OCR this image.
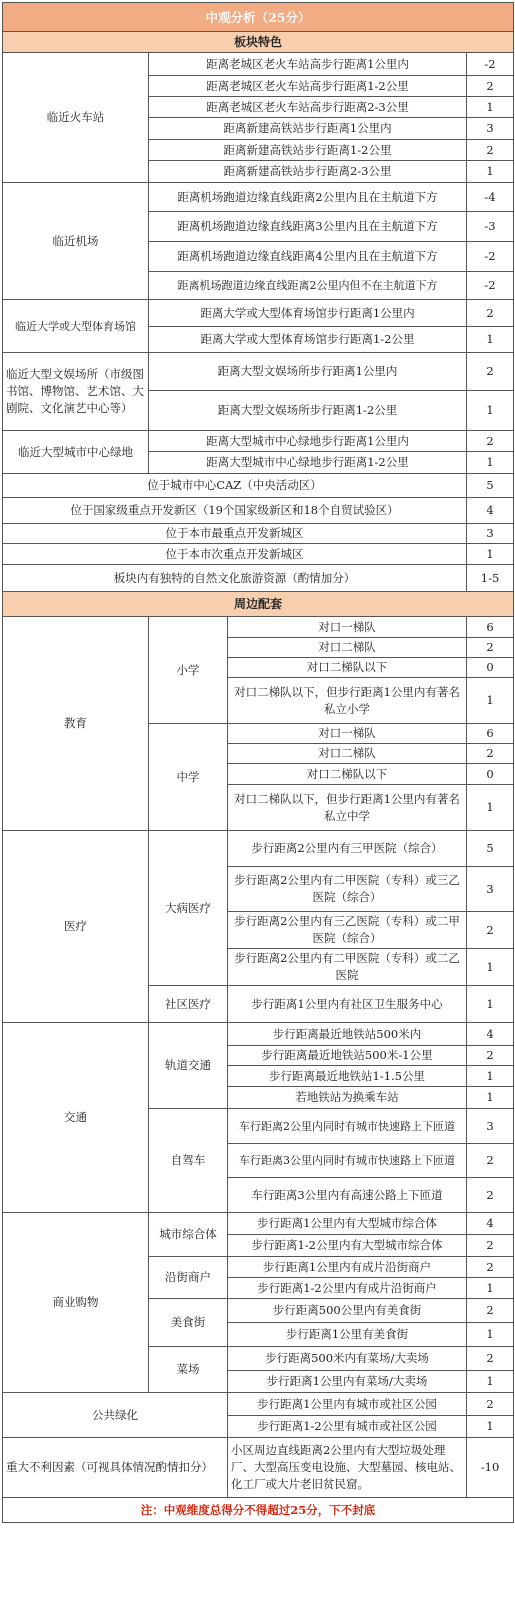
中观分析（25分）			
板块特色			
临近火车站	距离老城区老火车站高步行距离1公里内		-2
	距离老城区老火车站高步行距离1-2公里		2
	距离老城区老火车站高步行距离2-3公里		1
	距离新建高铁站步行距离1公里内		3
	距离新建高铁站步行距离1-2公里		2
	距离新建高铁站步行距离2-3公里		1
临近机场	距离机场跑道边缘直线距离2公里内且在主航道下方		-4
	距离机场跑道边缘直线距离3公里内且在主航道下方		-3
	距离机场跑道边缘直线距离4公里内且在主航道下方		-2
	距离机场跑道边缘直线距离2公里内但不在主航道下方		-2
临近大学或大型体育场馆	距离大学或大型体育场馆步行距离1公里内		2
	距离大学或大型体育场馆步行距离1-2公里		1
临近大型文娱场所（市级图书馆、博物馆、艺术馆、大剧院、文化演艺中心等）	距离大型文娱场所步行距离1公里内		2
	距离大型文娱场所步行距离1-2公里		1
临近大型城市中心绿地	距离大型城市中心绿地步行距离1公里内		2
	距离大型城市中心绿地步行距离1-2公里		1
位于城市中心CAZ（中央活动区）			5
位于国家级重点开发新区（19个国家级新区和18个自贸试验区）			4
位于本市最重点开发新城区			3
位于本市次重点开发新城区			1
板块内有独特的自然文化旅游资源（酌情加分）			1-5
周边配套			
教育	小学	对口一梯队	6
		对口二梯队	2
		对口二梯队以下	0
		对口二梯队以下，但步行距离1公里内有著名私立小学	1
	中学	对口一梯队	6
		对口二梯队	2
		对口二梯队以下	0
		对口二梯队以下，但步行距离1公里内有著名私立中学	1
医疗	大病医疗	步行距离2公里内有三甲医院（综合）	5
		步行距离2公里内有二甲医院（专科）或三乙医院（综合）	3
		步行距离2公里内有三乙医院（专科）或二甲医院（综合）	2
		步行距离2公里内有二甲医院（专科）或二乙医院	1
	社区医疗	步行距离1公里内有社区卫生服务中心	1
交通	轨道交通	步行距离最近地铁站500米内	4
		步行距离最近地铁站500米-1公里	2
		步行距离最近地铁站1-1.5公里	1
		若地铁站为换乘车站	1
	自驾车	车行距离2公里内同时有城市快速路上下匝道	3
		车行距离3公里内同时有城市快速路上下匝道	2
		车行距离3公里内有高速公路上下匝道	2
商业购物	城市综合体	步行距离1公里内有大型城市综合体	4
		步行距离1-2公里内有大型城市综合体	2
	沿街商户	步行距离1公里内有成片沿街商户	2
		步行距离1-2公里内有成片沿街商户	1
	美食街	步行距离500公里内有美食街	2
		步行距离1公里有美食街	1
	菜场	步行距离500米内有菜场/大卖场	2
		步行距离1公里内有菜场/大卖场	1
公共绿化		步行距离1公里内有城市或社区公园	2
		步行距离1-2公里有城市或社区公园	1
重大不利因素（可视具体情况酌情扣分）		小区周边直线距离2公里内有大型垃圾处理厂、大型高压变电设施、大型墓园、核电站、化工厂或大片老旧贫民窟。	-10
注：中观维度总得分不得超过25分，下不封底			
